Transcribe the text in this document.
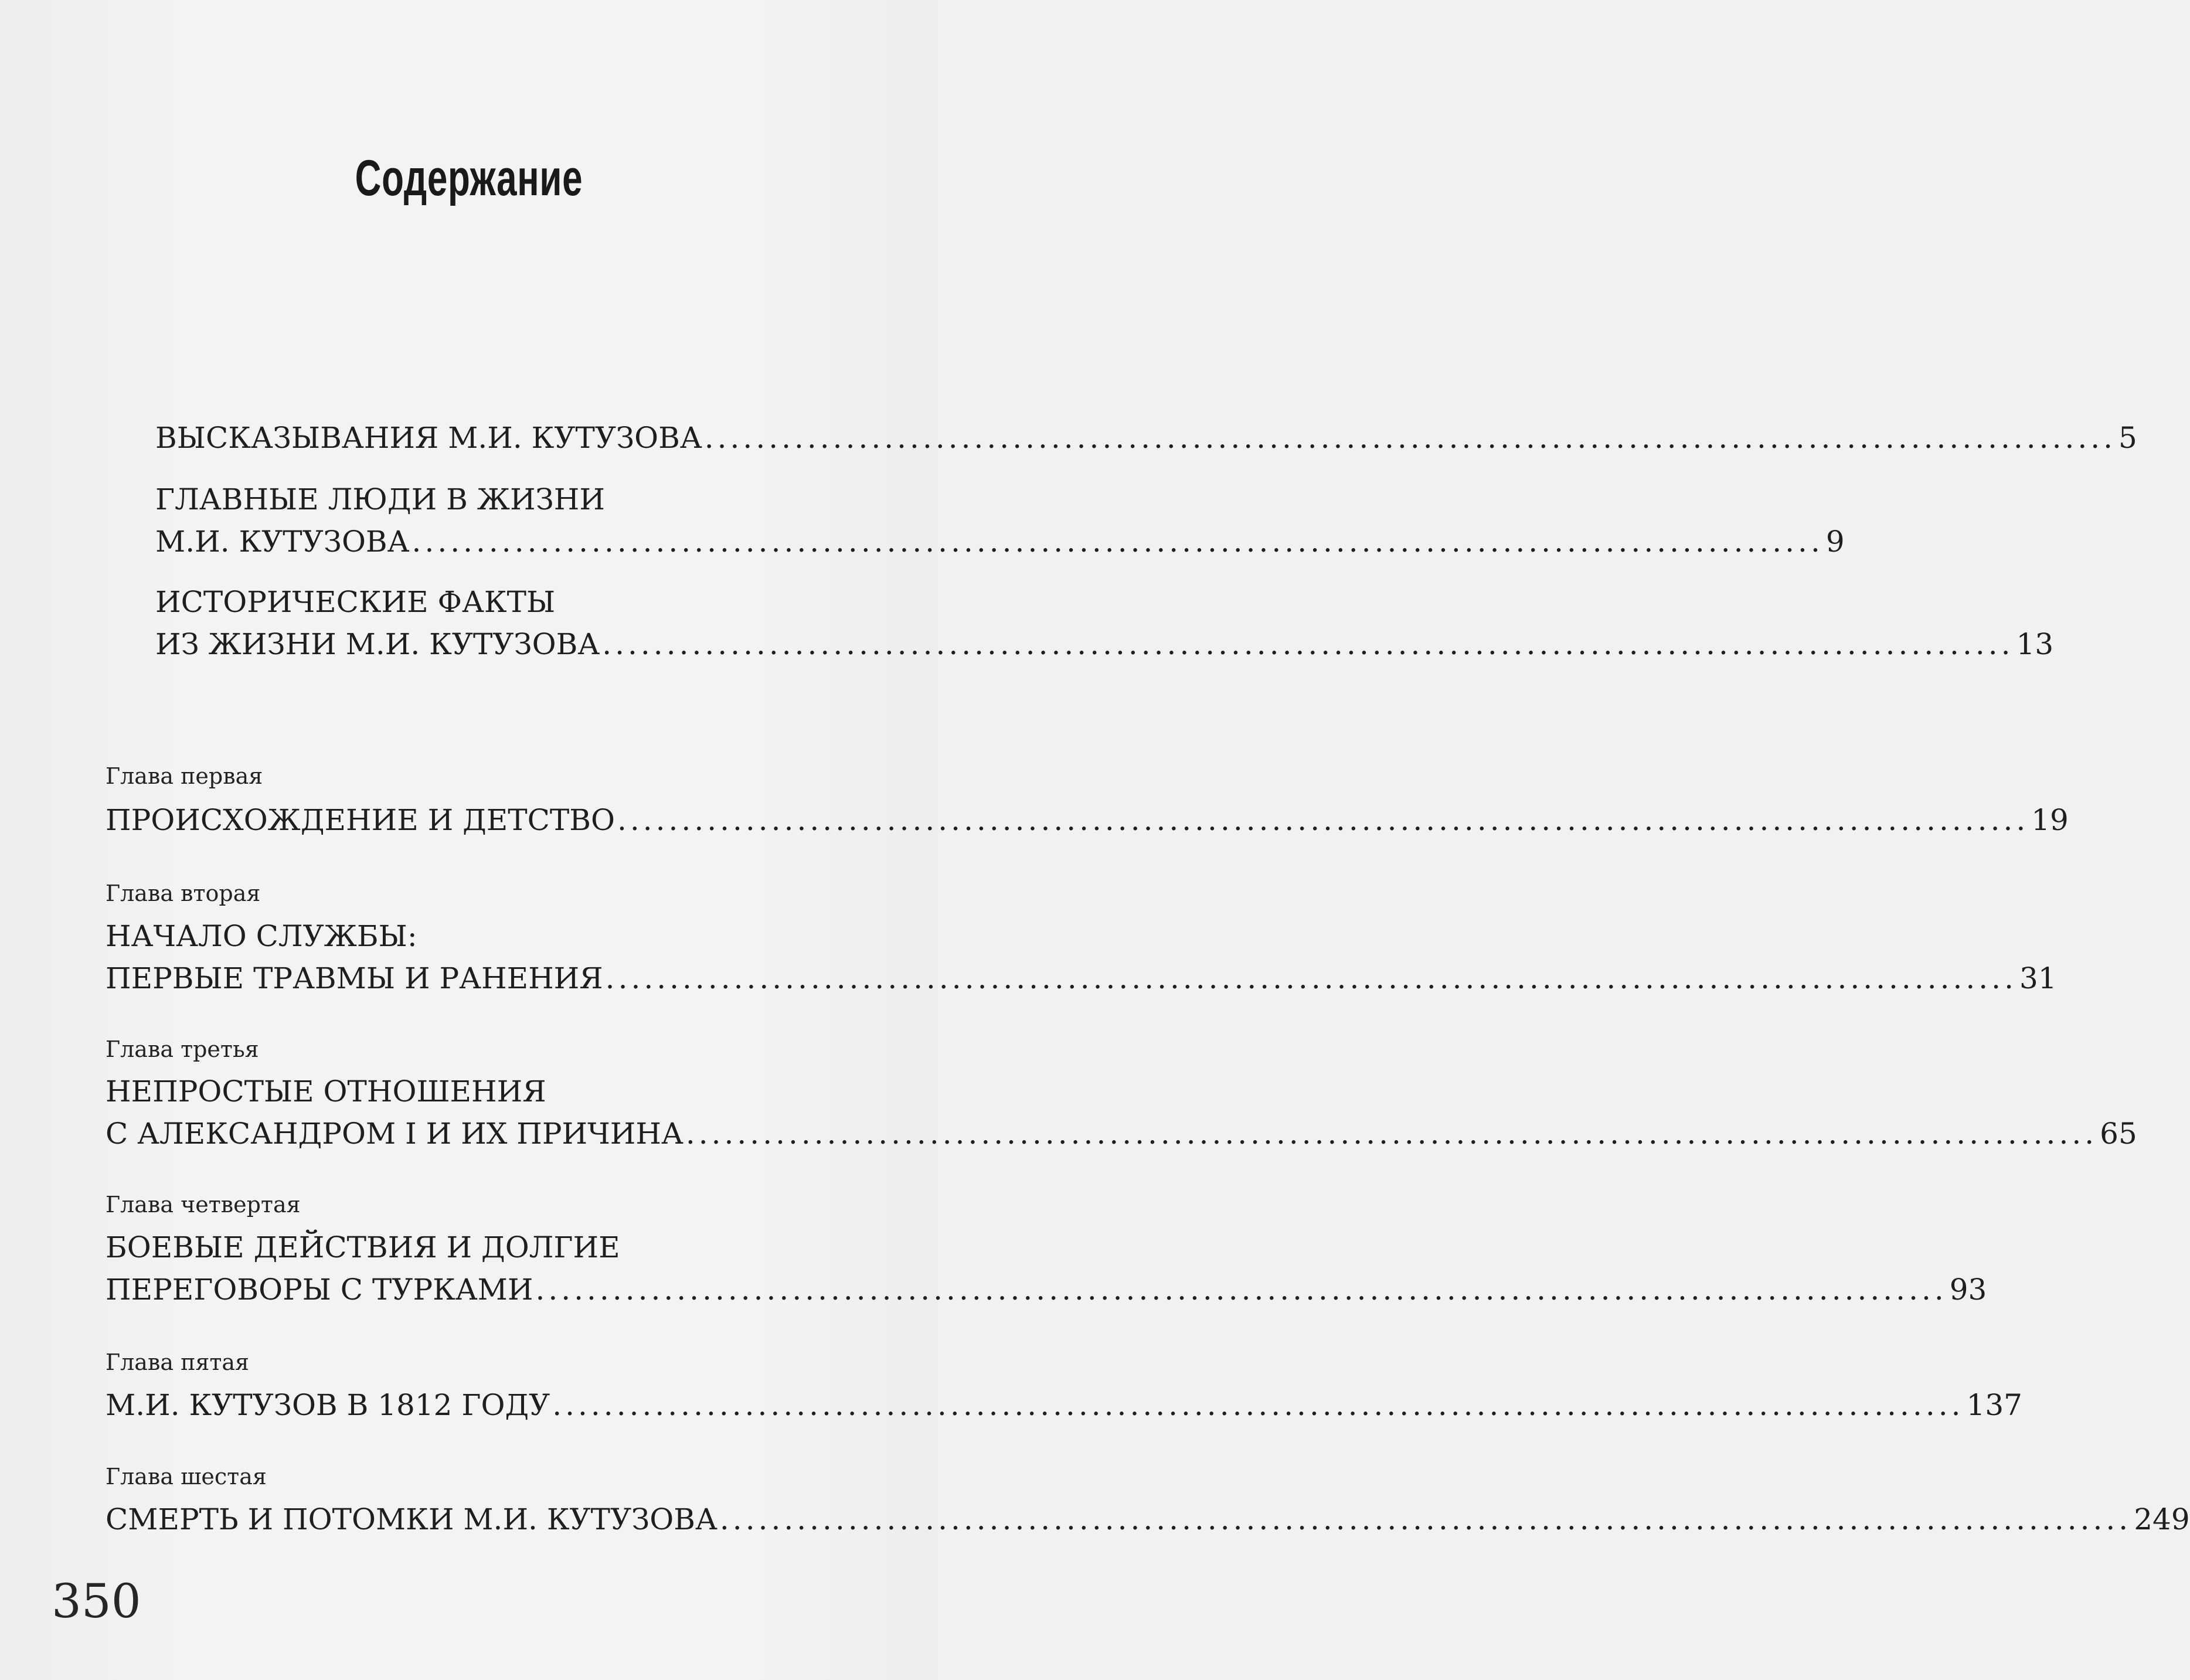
Содержание
ВЫСКАЗЫВАНИЯ М.И. КУТУЗОВА .............................................................................................................. 5
ГЛАВНЫЕ ЛЮДИ В ЖИЗНИ
М.И. КУТУЗОВА .............................................................................................................. 9
ИСТОРИЧЕСКИЕ ФАКТЫ
ИЗ ЖИЗНИ М.И. КУТУЗОВА .............................................................................................................. 13
Глава первая
ПРОИСХОЖДЕНИЕ И ДЕТСТВО .............................................................................................................. 19
Глава вторая
НАЧАЛО СЛУЖБЫ:
ПЕРВЫЕ ТРАВМЫ И РАНЕНИЯ .............................................................................................................. 31
Глава третья
НЕПРОСТЫЕ ОТНОШЕНИЯ
С АЛЕКСАНДРОМ I И ИХ ПРИЧИНА .............................................................................................................. 65
Глава четвертая
БОЕВЫЕ ДЕЙСТВИЯ И ДОЛГИЕ
ПЕРЕГОВОРЫ С ТУРКАМИ .............................................................................................................. 93
Глава пятая
М.И. КУТУЗОВ В 1812 ГОДУ .............................................................................................................. 137
Глава шестая
СМЕРТЬ И ПОТОМКИ М.И. КУТУЗОВА .............................................................................................................. 249
350
